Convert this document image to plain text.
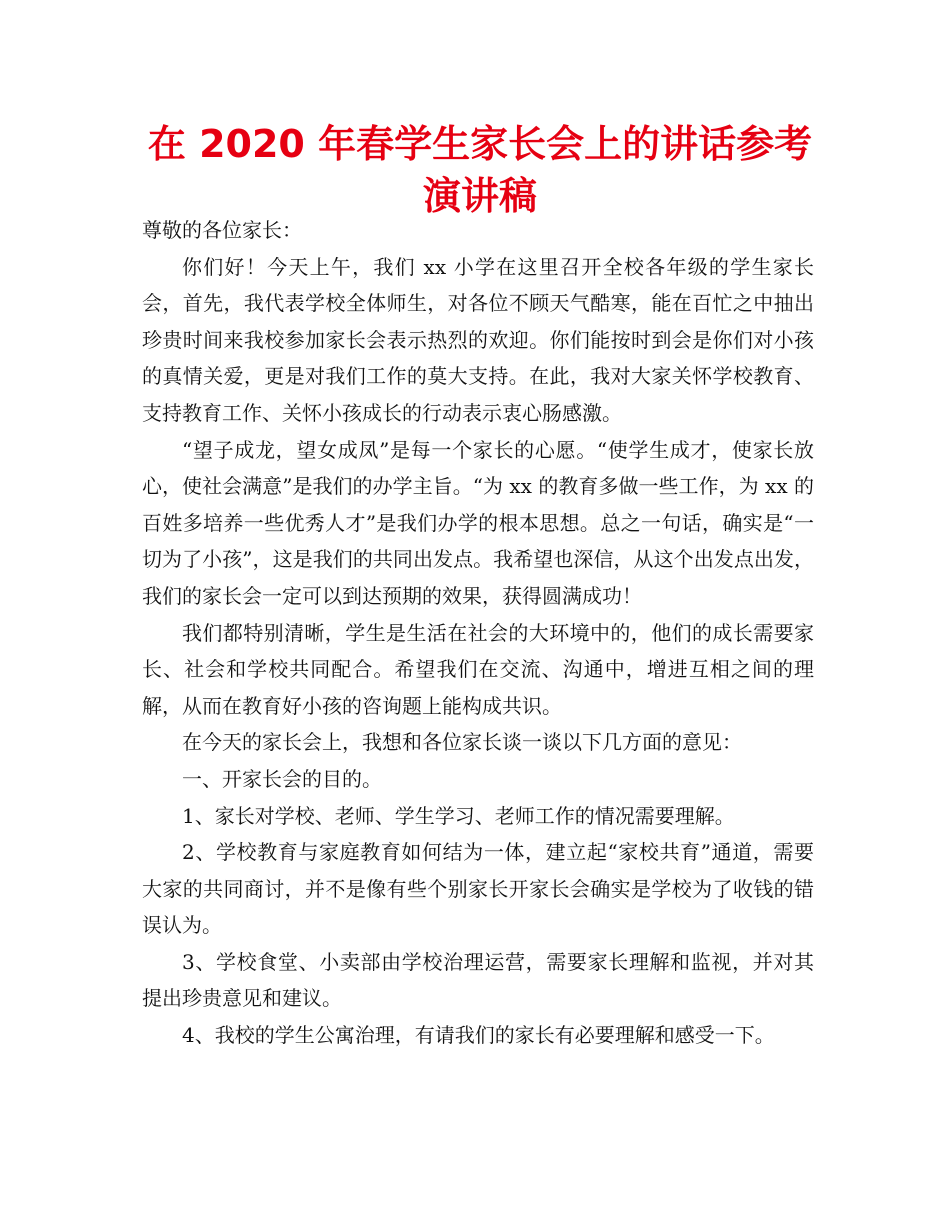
在 2020 年春学生家长会上的讲话参考演讲稿

尊敬的各位家长：

你们好！今天上午，我们 xx 小学在这里召开全校各年级的学生家长会，首先，我代表学校全体师生，对各位不顾天气酷寒，能在百忙之中抽出珍贵时间来我校参加家长会表示热烈的欢迎。你们能按时到会是你们对小孩的真情关爱，更是对我们工作的莫大支持。在此，我对大家关怀学校教育、支持教育工作、关怀小孩成长的行动表示衷心肠感激。

“望子成龙，望女成凤”是每一个家长的心愿。“使学生成才，使家长放心，使社会满意”是我们的办学主旨。“为 xx 的教育多做一些工作，为 xx 的百姓多培养一些优秀人才”是我们办学的根本思想。总之一句话，确实是“一切为了小孩”，这是我们的共同出发点。我希望也深信，从这个出发点出发，我们的家长会一定可以到达预期的效果，获得圆满成功！

我们都特别清晰，学生是生活在社会的大环境中的，他们的成长需要家长、社会和学校共同配合。希望我们在交流、沟通中，增进互相之间的理解，从而在教育好小孩的咨询题上能构成共识。

在今天的家长会上，我想和各位家长谈一谈以下几方面的意见：

一、开家长会的目的。

1、家长对学校、老师、学生学习、老师工作的情况需要理解。

2、学校教育与家庭教育如何结为一体，建立起“家校共育”通道，需要大家的共同商讨，并不是像有些个别家长开家长会确实是学校为了收钱的错误认为。

3、学校食堂、小卖部由学校治理运营，需要家长理解和监视，并对其提出珍贵意见和建议。

4、我校的学生公寓治理，有请我们的家长有必要理解和感受一下。
